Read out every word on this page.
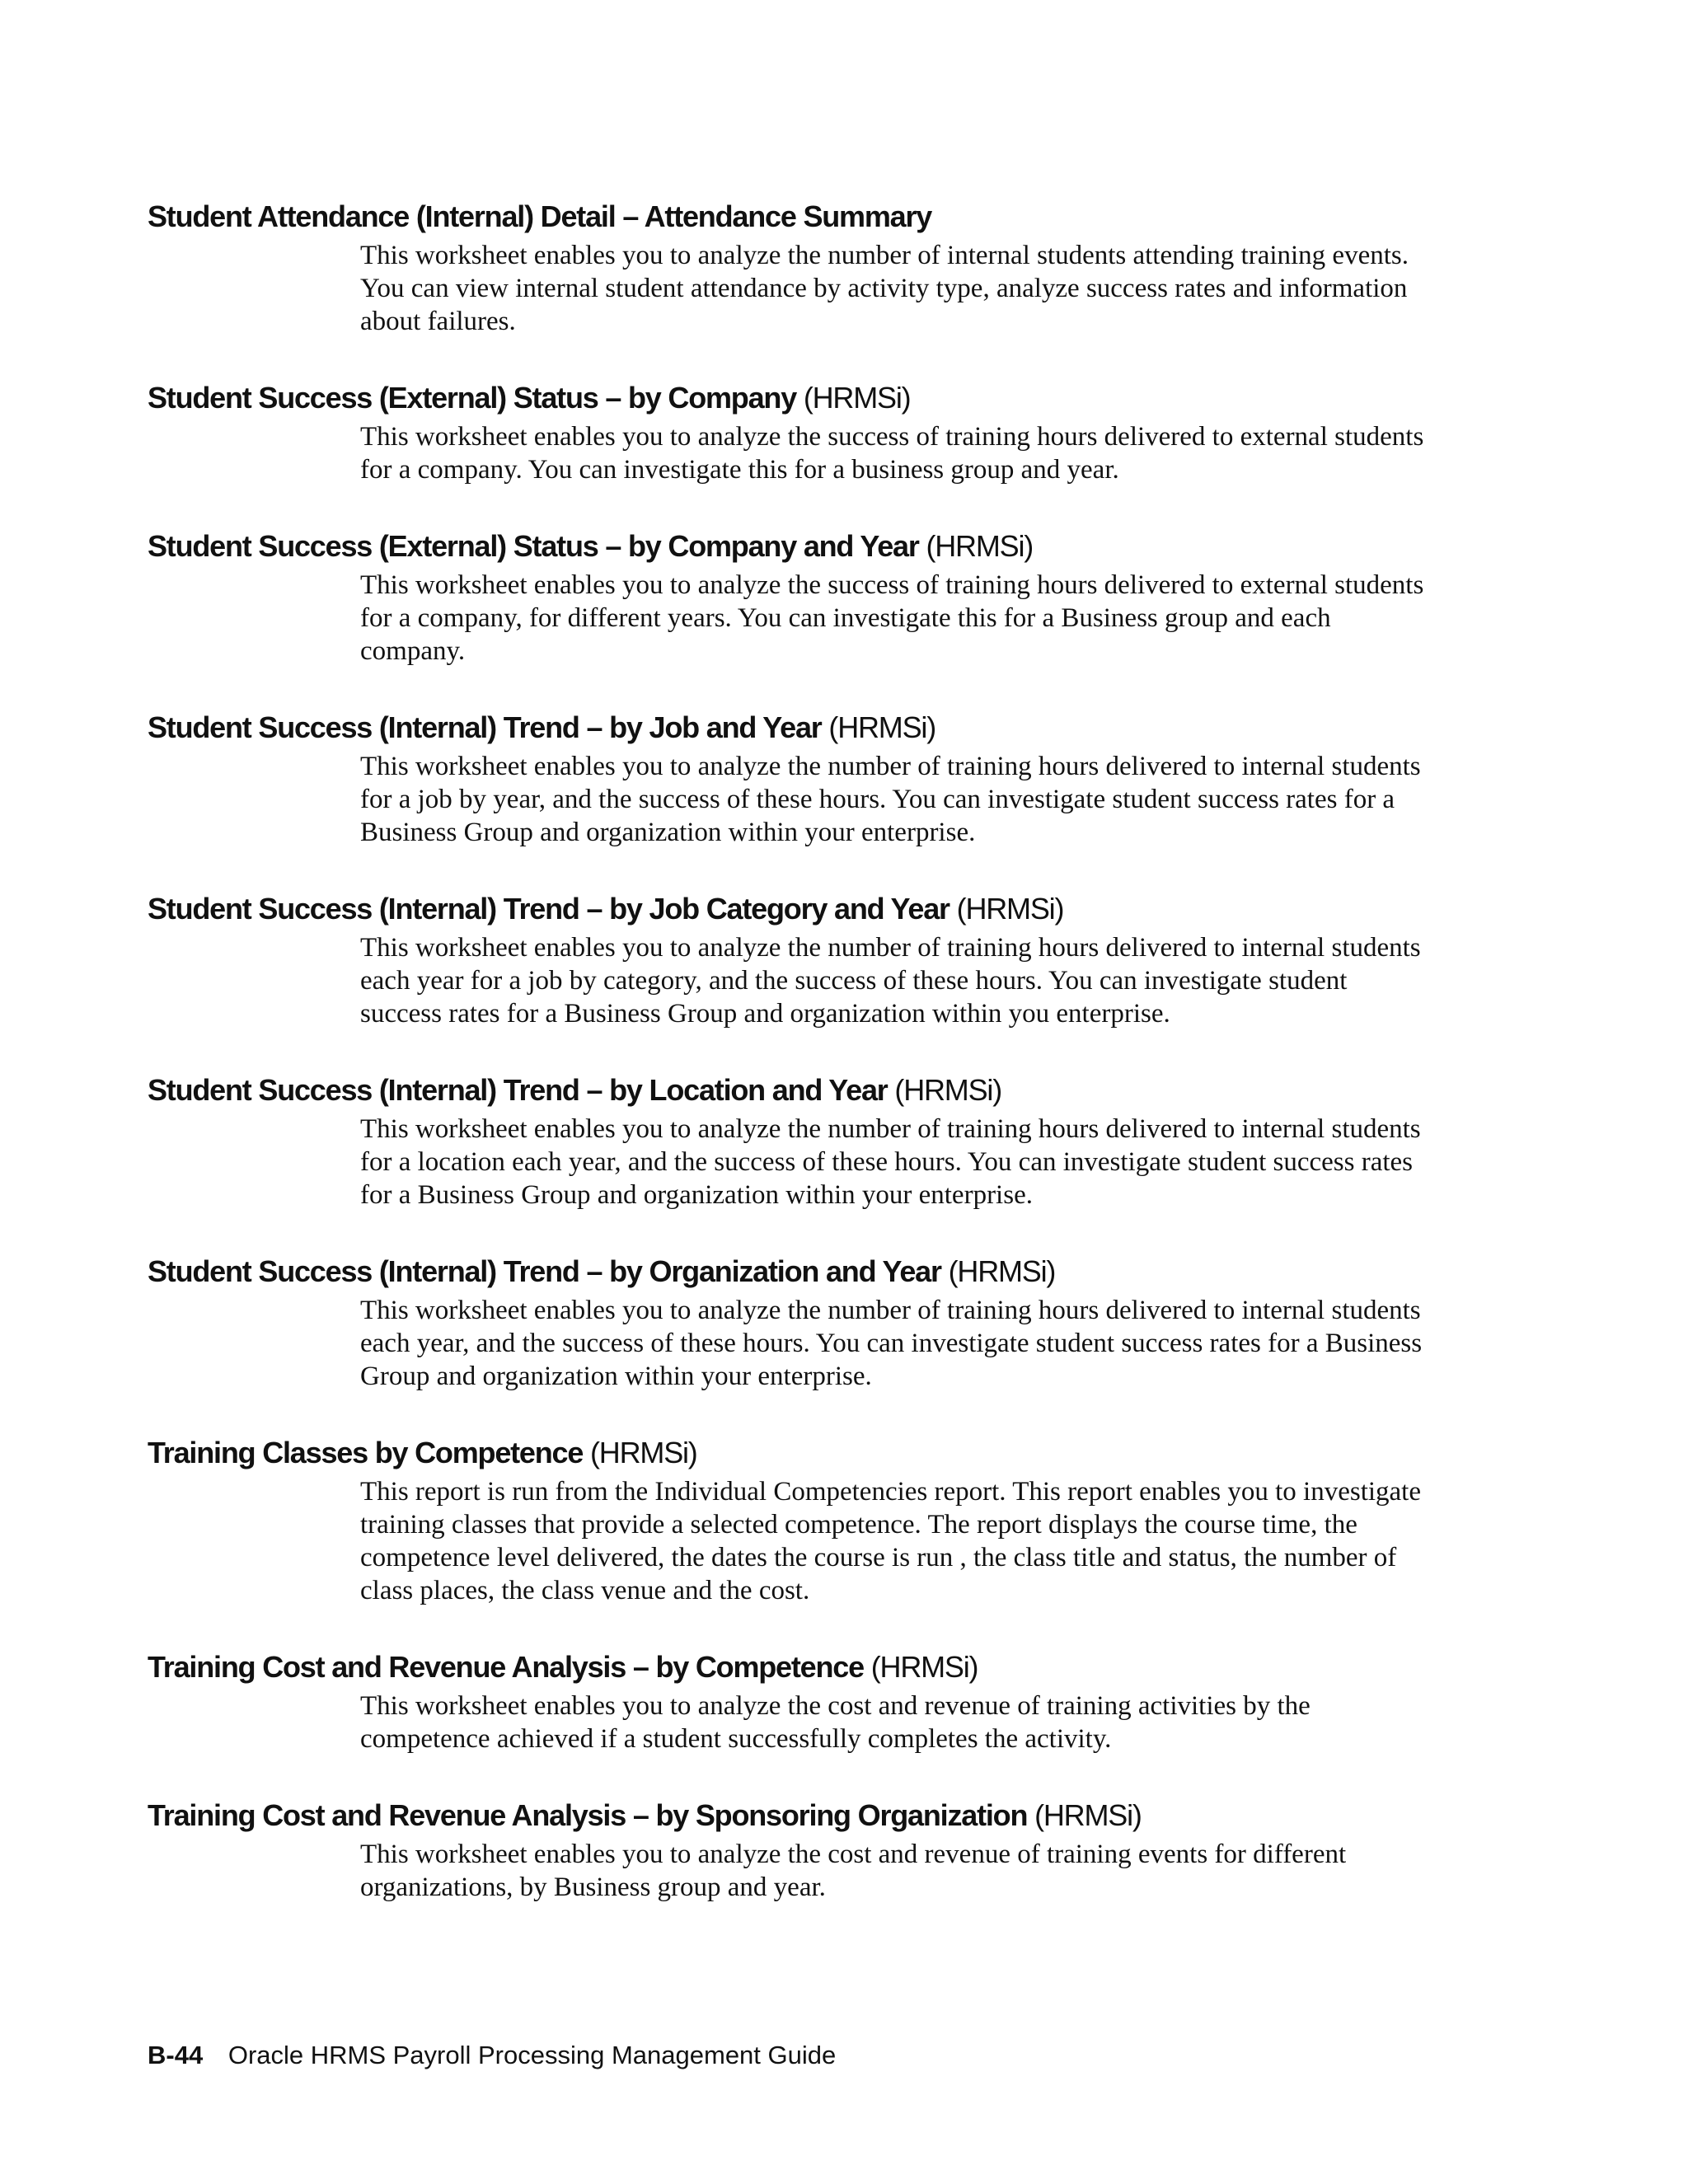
Student Attendance (Internal) Detail – Attendance Summary
This worksheet enables you to analyze the number of internal students attending training events. You can view internal student attendance by activity type, analyze success rates and information about failures.
Student Success (External) Status – by Company (HRMSi)
This worksheet enables you to analyze the success of training hours delivered to external students for a company. You can investigate this for a business group and year.
Student Success (External) Status – by Company and Year (HRMSi)
This worksheet enables you to analyze the success of training hours delivered to external students for a company, for different years. You can investigate this for a Business group and each company.
Student Success (Internal) Trend – by Job and Year (HRMSi)
This worksheet enables you to analyze the number of training hours delivered to internal students for a job by year, and the success of these hours. You can investigate student success rates for a Business Group and organization within your enterprise.
Student Success (Internal) Trend – by Job Category and Year (HRMSi)
This worksheet enables you to analyze the number of training hours delivered to internal students each year for a job by category, and the success of these hours. You can investigate student success rates for a Business Group and organization within you enterprise.
Student Success (Internal) Trend – by Location and Year (HRMSi)
This worksheet enables you to analyze the number of training hours delivered to internal students for a location each year, and the success of these hours. You can investigate student success rates for a Business Group and organization within your enterprise.
Student Success (Internal) Trend – by Organization and Year (HRMSi)
This worksheet enables you to analyze the number of training hours delivered to internal students each year, and the success of these hours. You can investigate student success rates for a Business Group and organization within your enterprise.
Training Classes by Competence (HRMSi)
This report is run from the Individual Competencies report. This report enables you to investigate training classes that provide a selected competence. The report displays the course time, the competence level delivered, the dates the course is run , the class title and status, the number of class places, the class venue and the cost.
Training Cost and Revenue Analysis – by Competence (HRMSi)
This worksheet enables you to analyze the cost and revenue of training activities by the competence achieved if a student successfully completes the activity.
Training Cost and Revenue Analysis – by Sponsoring Organization (HRMSi)
This worksheet enables you to analyze the cost and revenue of training events for different organizations, by Business group and year.
B-44 Oracle HRMS Payroll Processing Management Guide
